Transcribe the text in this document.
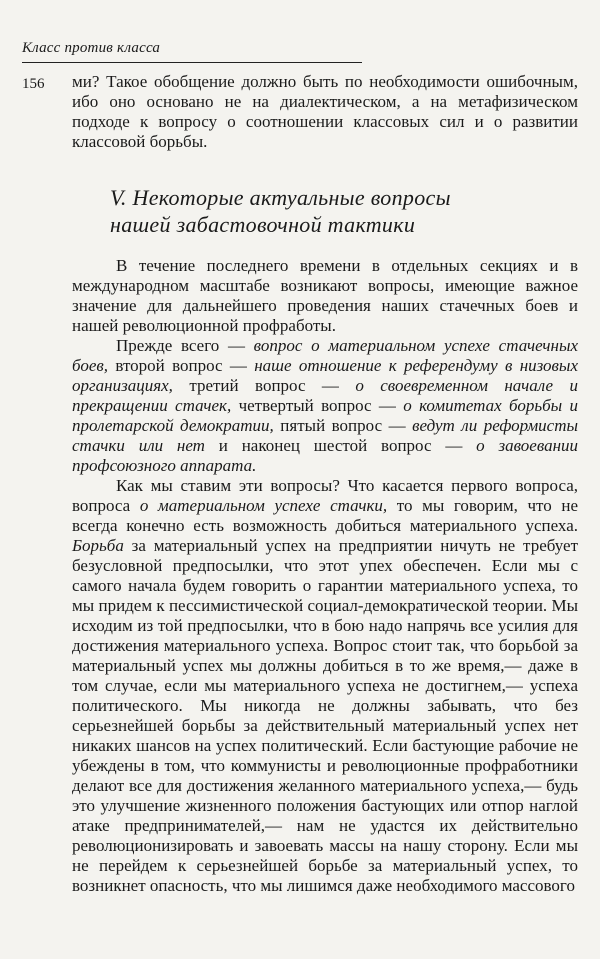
Класс против класса
156 ми? Такое обобщение должно быть по необходимости ошибочным, ибо оно основано не на диалектическом, а на метафизическом подходе к вопросу о соотношении классовых сил и о развитии классовой борьбы.

V. Некоторые актуальные вопросы
нашей забастовочной тактики

В течение последнего времени в отдельных секциях и в международном масштабе возникают вопросы, имеющие важное значение для дальнейшего проведения наших стачечных боев и нашей революционной профработы.

Прежде всего — вопрос о материальном успехе стачечных боев, второй вопрос — наше отношение к референдуму в низовых организациях, третий вопрос — о своевременном начале и прекращении стачек, четвертый вопрос — о комитетах борьбы и пролетарской демократии, пятый вопрос — ведут ли реформисты стачки или нет и наконец шестой вопрос — о завоевании профсоюзного аппарата.

Как мы ставим эти вопросы? Что касается первого вопроса, вопроса о материальном успехе стачки, то мы говорим, что не всегда конечно есть возможность добиться материального успеха. Борьба за материальный успех на предприятии ничуть не требует безусловной предпосылки, что этот упех обеспечен. Если мы с самого начала будем говорить о гарантии материального успеха, то мы придем к пессимистической социал-демократической теории. Мы исходим из той предпосылки, что в бою надо напрячь все усилия для достижения материального успеха. Вопрос стоит так, что борьбой за материальный успех мы должны добиться в то же время,— даже в том случае, если мы материального успеха не достигнем,— успеха политического. Мы никогда не должны забывать, что без серьезнейшей борьбы за действительный материальный успех нет никаких шансов на успех политический. Если бастующие рабочие не убеждены в том, что коммунисты и революционные профработники делают все для достижения желанного материального успеха,— будь это улучшение жизненного положения бастующих или отпор наглой атаке предпринимателей,— нам не удастся их действительно революционизировать и завоевать массы на нашу сторону. Если мы не перейдем к серьезнейшей борьбе за материальный успех, то возникнет опасность, что мы лишимся даже необходимого массового
